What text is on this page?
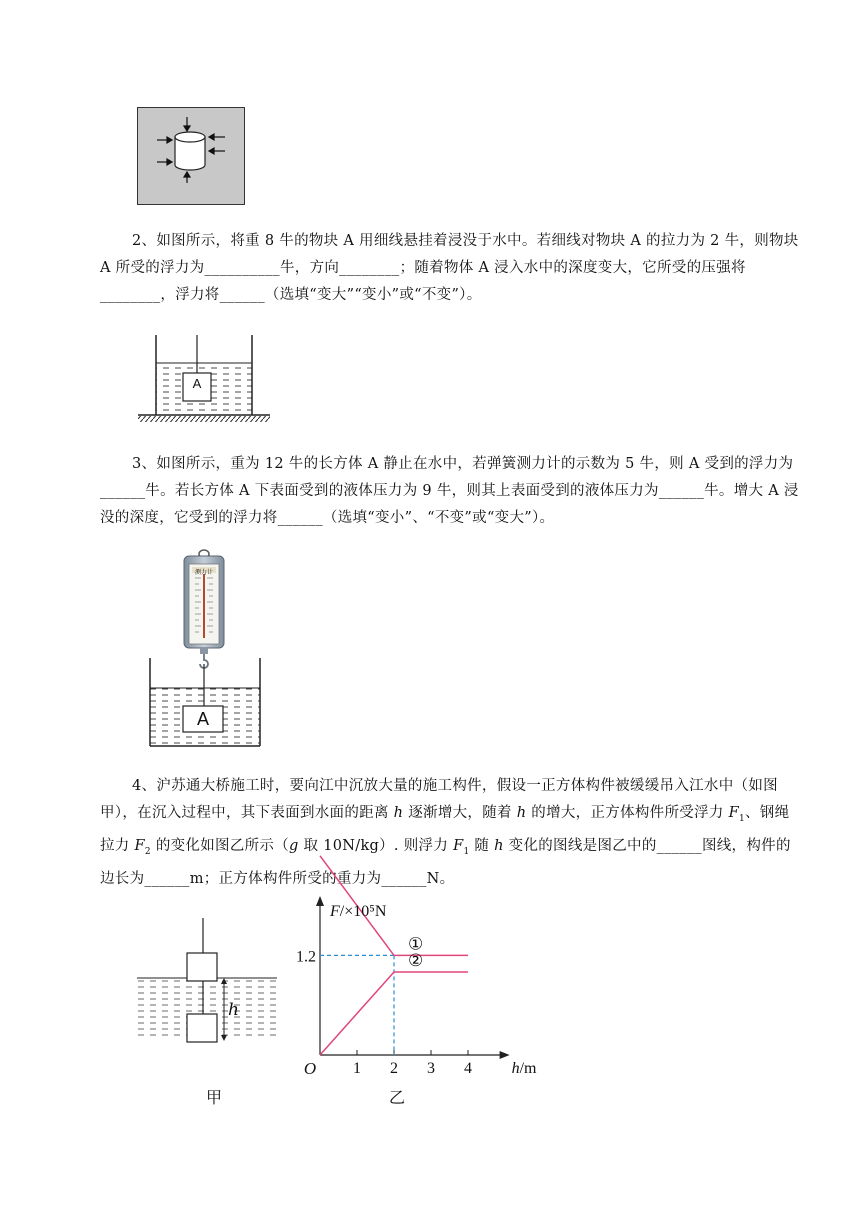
2、如图所示，将重 8 牛的物块 A 用细线悬挂着浸没于水中。若细线对物块 A 的拉力为 2 牛，则物块 A 所受的浮力为__________牛，方向________；随着物体 A 浸入水中的深度变大，它所受的压强将________，浮力将______（选填“变大”“变小”或“不变”）。
A
3、如图所示，重为 12 牛的长方体 A 静止在水中，若弹簧测力计的示数为 5 牛，则 A 受到的浮力为______牛。若长方体 A 下表面受到的液体压力为 9 牛，则其上表面受到的液体压力为______牛。增大 A 浸没的深度，它受到的浮力将______（选填“变小”、“不变”或“变大”）。
测力计
A
4、沪苏通大桥施工时，要向江中沉放大量的施工构件，假设一正方体构件被缓缓吊入江水中（如图甲），在沉入过程中，其下表面到水面的距离 h 逐渐增大，随着 h 的增大，正方体构件所受浮力 $F_1$、钢绳拉力 $F_2$ 的变化如图乙所示（g 取 10N/kg）. 则浮力 $F_1$ 随 h 变化的图线是图乙中的______图线，构件的边长为______m；正方体构件所受的重力为______N。
h
甲
1 2 3 4
1.2
①
②
O	h/m
F/×10⁵N
乙
